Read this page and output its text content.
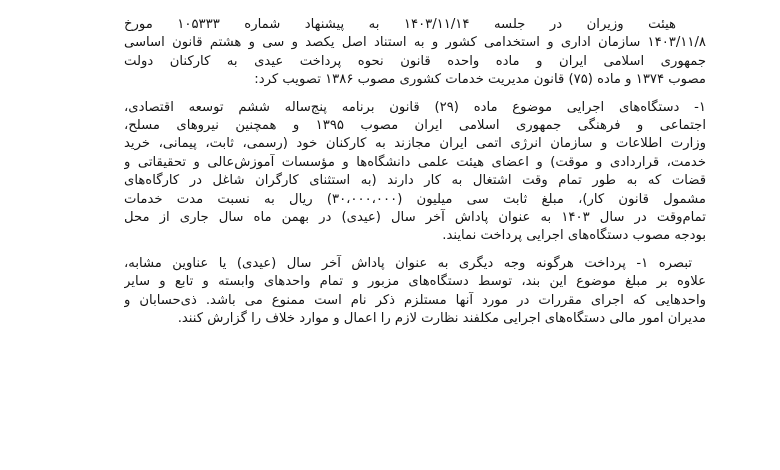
هیئت وزیران در جلسه ۱۴۰۳/۱۱/۱۴ به پیشنهاد شماره ۱۰۵۳۳۳ مورخ
۱۴۰۳/۱۱/۸ سازمان اداری و استخدامی کشور و به استناد اصل یکصد و سی و هشتم قانون اساسی
جمهوری اسلامی ایران و ماده واحده قانون نحوه پرداخت عیدی به کارکنان دولت
مصوب ۱۳۷۴ و ماده (۷۵) قانون مدیریت خدمات کشوری مصوب ۱۳۸۶ تصویب کرد:
۱- دستگاه‌های اجرایی موضوع ماده (۲۹) قانون برنامه پنج‌ساله ششم توسعه اقتصادی،
اجتماعی و فرهنگی جمهوری اسلامی ایران مصوب ۱۳۹۵ و همچنین نیروهای مسلح،
وزارت اطلاعات و سازمان انرژی اتمی ایران مجازند به کارکنان خود (رسمی، ثابت، پیمانی، خرید
خدمت، قراردادی و موقت) و اعضای هیئت علمی دانشگاه‌ها و مؤسسات آموزش‌عالی و تحقیقاتی و
قضات که به طور تمام وقت اشتغال به کار دارند (به استثنای کارگران شاغل در کارگاه‌های
مشمول قانون کار)، مبلغ ثابت سی میلیون (۳۰،۰۰۰،۰۰۰) ریال به نسبت مدت خدمات
تمام‌وقت در سال ۱۴۰۳ به عنوان پاداش آخر سال (عیدی) در بهمن ماه سال جاری از محل
بودجه مصوب دستگاه‌های اجرایی پرداخت نمایند.
تبصره ۱- پرداخت هرگونه وجه دیگری به عنوان پاداش آخر سال (عیدی) یا عناوین مشابه،
علاوه بر مبلغ موضوع این بند، توسط دستگاه‌های مزبور و تمام واحدهای وابسته و تابع و سایر
واحدهایی که اجرای مقررات در مورد آنها مستلزم ذکر نام است ممنوع می باشد. ذی‌حسابان و
مدیران امور مالی دستگاه‌های اجرایی مکلفند نظارت لازم را اعمال و موارد خلاف را گزارش کنند.
